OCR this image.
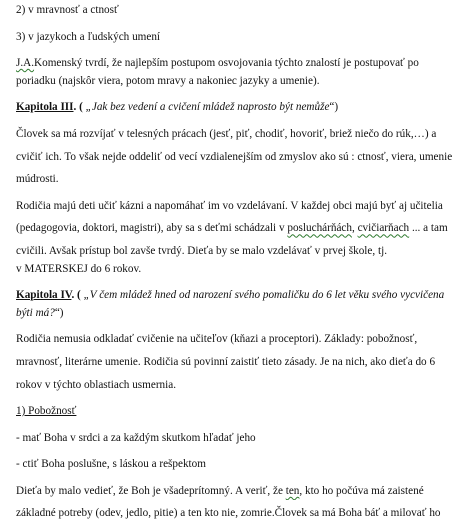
2) v mravnosť a ctnosť

3) v jazykoch a ľudských umení

J.A.Komenský tvrdí, že najlepším postupom osvojovania týchto znalostí je postupovať po

poriadku (najskôr viera, potom mravy a nakoniec jazyky a umenie).

Kapitola III. ( „Jak bez vedení a cvičení mládež naprosto být nemůže“)

Človek sa má rozvíjať v telesných prácach (jesť, piť, chodiť, hovoriť, briež niečo do rúk,…) a

cvičiť ich. To však nejde oddeliť od vecí vzdialenejším od zmyslov ako sú : ctnosť, viera, umenie

múdrosti.

Rodičia majú deti učiť kázni a napomáhať im vo vzdelávaní. V každej obci majú byť aj učitelia

(pedagogovia, doktori, magistri), aby sa s deťmi schádzali v posluchárňách, cvičiarňach ... a tam

cvičili. Avšak prístup bol zavše tvrdý. Dieťa by se malo vzdelávať v prvej škole, tj.

v MATERSKEJ do 6 rokov.

Kapitola IV. ( „V čem mládež hned od narození svého pomaličku do 6 let věku svého vycvičena

býti má?“)

Rodičia nemusia odkladať cvičenie na učiteľov (kňazi a proceptori). Základy: pobožnosť,

mravnosť, literárne umenie. Rodičia sú povinní zaistiť tieto zásady. Je na nich, ako dieťa do 6

rokov v týchto oblastiach usmernia.

1) Pobožnosť

- mať Boha v srdci a za každým skutkom hľadať jeho

- ctiť Boha poslušne, s láskou a rešpektom

Dieťa by malo vedieť, že Boh je všadeprítomný. A veriť, že ten, kto ho počúva má zaistené

základné potreby (odev, jedlo, pitie) a ten kto nie, zomrie.Človek sa má Boha báť a milovať ho
